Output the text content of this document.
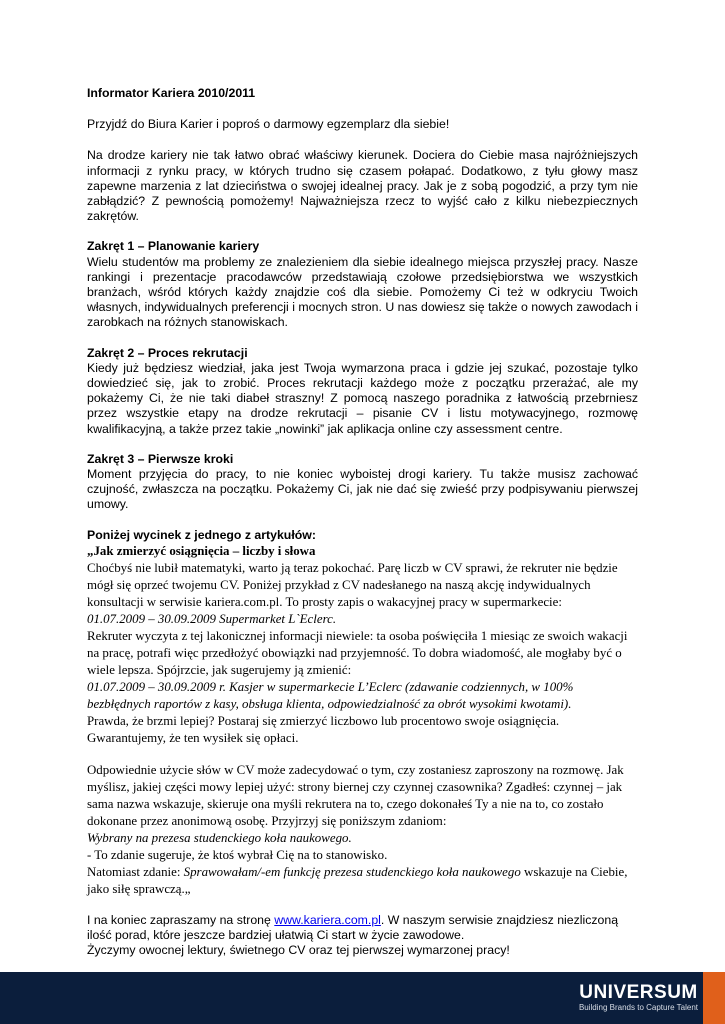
Informator Kariera 2010/2011

Przyjdź do Biura Karier i poproś o darmowy egzemplarz dla siebie!

Na drodze kariery nie tak łatwo obrać właściwy kierunek. Dociera do Ciebie masa najróżniejszych informacji z rynku pracy, w których trudno się czasem połapać. Dodatkowo, z tyłu głowy masz zapewne marzenia z lat dzieciństwa o swojej idealnej pracy. Jak je z sobą pogodzić, a przy tym nie zabłądzić? Z pewnością pomożemy! Najważniejsza rzecz to wyjść cało z kilku niebezpiecznych zakrętów.

Zakręt 1 – Planowanie kariery

Wielu studentów ma problemy ze znalezieniem dla siebie idealnego miejsca przyszłej pracy. Nasze rankingi i prezentacje pracodawców przedstawiają czołowe przedsiębiorstwa we wszystkich branżach, wśród których każdy znajdzie coś dla siebie. Pomożemy Ci też w odkryciu Twoich własnych, indywidualnych preferencji i mocnych stron. U nas dowiesz się także o nowych zawodach i zarobkach na różnych stanowiskach.

Zakręt 2 – Proces rekrutacji

Kiedy już będziesz wiedział, jaka jest Twoja wymarzona praca i gdzie jej szukać, pozostaje tylko dowiedzieć się, jak to zrobić. Proces rekrutacji każdego może z początku przerażać, ale my pokażemy Ci, że nie taki diabeł straszny! Z pomocą naszego poradnika z łatwością przebrniesz przez wszystkie etapy na drodze rekrutacji – pisanie CV i listu motywacyjnego, rozmowę kwalifikacyjną, a także przez takie „nowinki” jak aplikacja online czy assessment centre.

Zakręt 3 – Pierwsze kroki

Moment przyjęcia do pracy, to nie koniec wyboistej drogi kariery. Tu także musisz zachować czujność, zwłaszcza na początku. Pokażemy Ci, jak nie dać się zwieść przy podpisywaniu pierwszej umowy.

Poniżej wycinek z jednego z artykułów:

„Jak zmierzyć osiągnięcia – liczby i słowa

Choćbyś nie lubił matematyki, warto ją teraz pokochać. Parę liczb w CV sprawi, że rekruter nie będzie mógł się oprzeć twojemu CV. Poniżej przykład z CV nadesłanego na naszą akcję indywidualnych konsultacji w serwisie kariera.com.pl. To prosty zapis o wakacyjnej pracy w supermarkecie:

01.07.2009 – 30.09.2009 Supermarket L`Eclerc.

Rekruter wyczyta z tej lakonicznej informacji niewiele: ta osoba poświęciła 1 miesiąc ze swoich wakacji na pracę, potrafi więc przedłożyć obowiązki nad przyjemność. To dobra wiadomość, ale mogłaby być o wiele lepsza. Spójrzcie, jak sugerujemy ją zmienić:

01.07.2009 – 30.09.2009 r. Kasjer w supermarkecie L’Eclerc (zdawanie codziennych, w 100% bezbłędnych raportów z kasy, obsługa klienta, odpowiedzialność za obrót wysokimi kwotami).

Prawda, że brzmi lepiej? Postaraj się zmierzyć liczbowo lub procentowo swoje osiągnięcia. Gwarantujemy, że ten wysiłek się opłaci.

Odpowiednie użycie słów w CV może zadecydować o tym, czy zostaniesz zaproszony na rozmowę. Jak myślisz, jakiej części mowy lepiej użyć: strony biernej czy czynnej czasownika? Zgadłeś: czynnej – jak sama nazwa wskazuje, skieruje ona myśli rekrutera na to, czego dokonałeś Ty a nie na to, co zostało dokonane przez anonimową osobę. Przyjrzyj się poniższym zdaniom:

Wybrany na prezesa studenckiego koła naukowego.

- To zdanie sugeruje, że ktoś wybrał Cię na to stanowisko.

Natomiast zdanie: Sprawowałam/-em funkcję prezesa studenckiego koła naukowego wskazuje na Ciebie, jako siłę sprawczą.„

I na koniec zapraszamy na stronę www.kariera.com.pl. W naszym serwisie znajdziesz niezliczoną ilość porad, które jeszcze bardziej ułatwią Ci start w życie zawodowe.

Życzymy owocnej lektury, świetnego CV oraz tej pierwszej wymarzonej pracy!

UNIVERSUM
Building Brands to Capture Talent
